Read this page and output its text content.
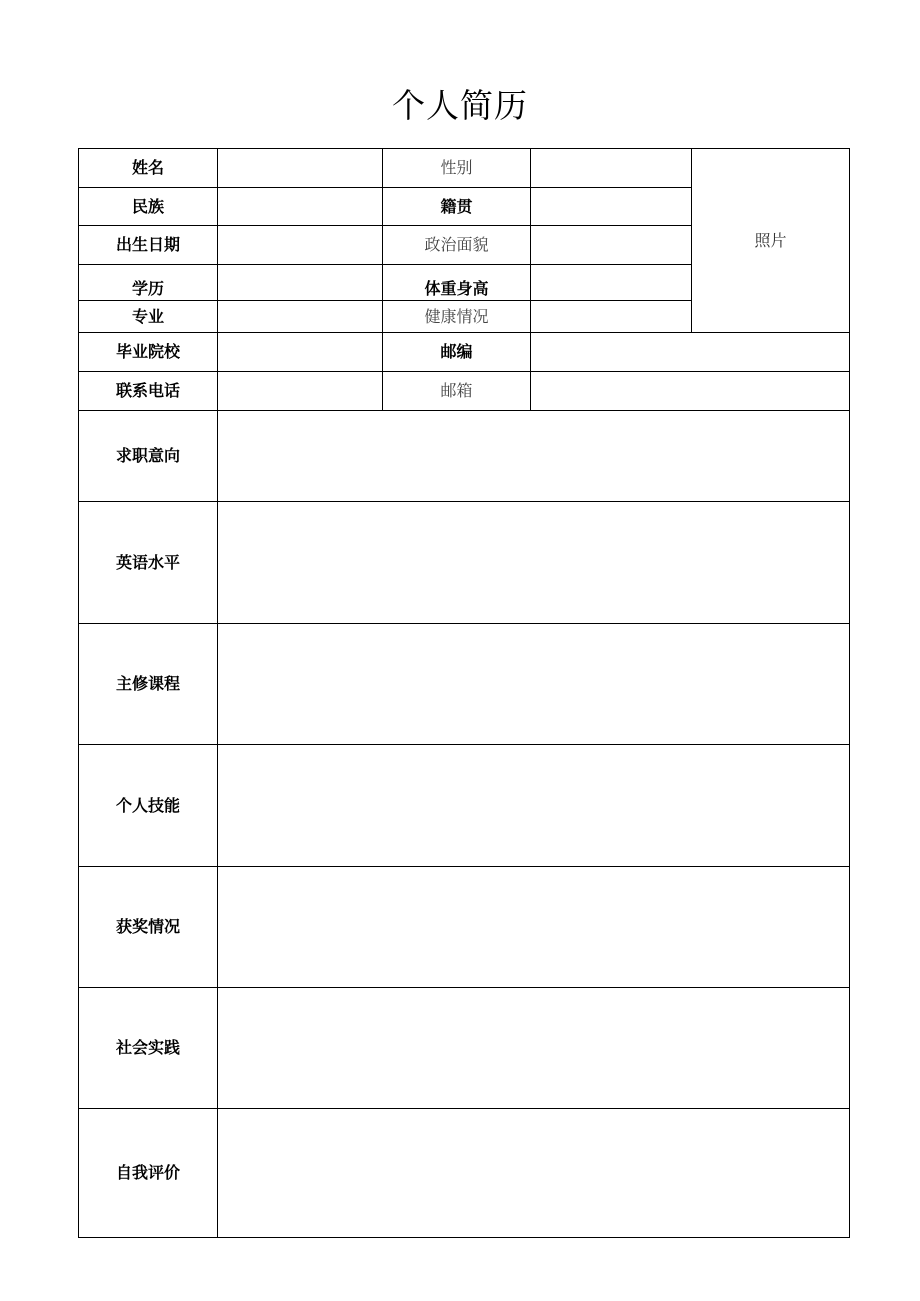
个人简历
姓名		性别		照片
民族		籍贯		
出生日期		政治面貌		
学历		体重身高		
专业		健康情况		
毕业院校		邮编		
联系电话		邮箱		
求职意向				
英语水平				
主修课程				
个人技能				
获奖情况				
社会实践				
自我评价				
